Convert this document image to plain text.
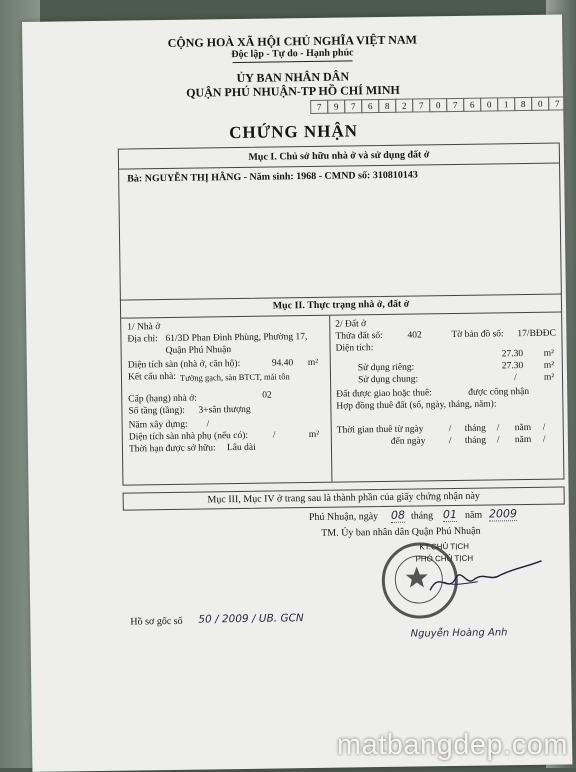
CỘNG HOÀ XÃ HỘI CHỦ NGHĨA VIỆT NAM
Độc lập - Tự do - Hạnh phúc
ỦY BAN NHÂN DÂN
QUẬN PHÚ NHUẬN-TP HỒ CHÍ MINH
7	9	7	6	8	2	7	0	7	6	0	1	8	0	7
CHỨNG NHẬN
Mục I. Chủ sở hữu nhà ở và sử dụng đất ở
Bà: NGUYỄN THỊ HẰNG - Năm sinh: 1968 - CMND số: 310810143
Mục II. Thực trạng nhà ở, đất ở
1/ Nhà ở
Địa chỉ: 61/3D Phan Đình Phùng, Phường 17,
Quận Phú Nhuận
Diện tích sàn (nhà ở, căn hộ):	94.40 m²
Kết cấu nhà: Tường gạch, sàn BTCT, mái tôn
Cấp (hạng) nhà ở:	02
Số tầng (tầng): 3+sân thượng
Năm xây dựng: /
Diện tích sàn nhà phụ (nếu có):	/	m²
Thời hạn được sở hữu: Lâu dài
2/ Đất ở
Thửa đất số:	402	Tờ bản đồ số: 17/BĐĐC
Diện tích:
27.30 m²
Sử dụng riêng:	27.30 m²
Sử dụng chung:	/	m²
Đất được giao hoặc thuê:	được công nhận
Hợp đồng thuê đất (số, ngày, tháng, năm):
Thời gian thuê từ ngày	/ tháng / năm /
đến ngày / tháng / năm /
Mục III, Mục IV ở trang sau là thành phần của giấy chứng nhận này
Phú Nhuận, ngày 08 tháng 01 năm 2009
TM. Ủy ban nhân dân Quận Phú Nhuận
KT.CHỦ TỊCH
PHÓ CHỦ TỊCH
Nguyễn Hoàng Anh
Hồ sơ gốc số 50 / 2009 / UB. GCN
matbangdep.com
